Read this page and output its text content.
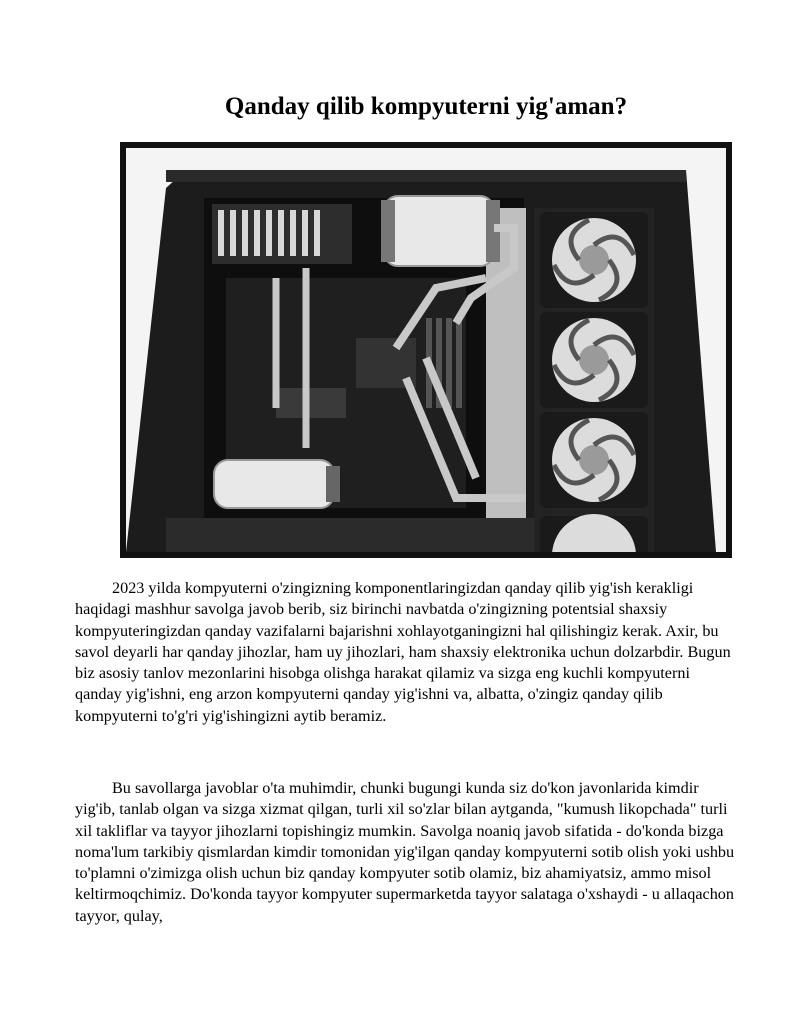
Qanday qilib kompyuterni yig'aman?

2023 yilda kompyuterni o'zingizning komponentlaringizdan qanday qilib yig'ish kerakligi haqidagi mashhur savolga javob berib, siz birinchi navbatda o'zingizning potentsial shaxsiy kompyuteringizdan qanday vazifalarni bajarishni xohlayotganingizni hal qilishingiz kerak. Axir, bu savol deyarli har qanday jihozlar, ham uy jihozlari, ham shaxsiy elektronika uchun dolzarbdir. Bugun biz asosiy tanlov mezonlarini hisobga olishga harakat qilamiz va sizga eng kuchli kompyuterni qanday yig'ishni, eng arzon kompyuterni qanday yig'ishni va, albatta, o'zingiz qanday qilib kompyuterni to'g'ri yig'ishingizni aytib beramiz.

Bu savollarga javoblar o'ta muhimdir, chunki bugungi kunda siz do'kon javonlarida kimdir yig'ib, tanlab olgan va sizga xizmat qilgan, turli xil so'zlar bilan aytganda, "kumush likopchada" turli xil takliflar va tayyor jihozlarni topishingiz mumkin. Savolga noaniq javob sifatida - do'konda bizga noma'lum tarkibiy qismlardan kimdir tomonidan yig'ilgan qanday kompyuterni sotib olish yoki ushbu to'plamni o'zimizga olish uchun biz qanday kompyuter sotib olamiz, biz ahamiyatsiz, ammo misol keltirmoqchimiz. Do'konda tayyor kompyuter supermarketda tayyor salataga o'xshaydi - u allaqachon tayyor, qulay,
